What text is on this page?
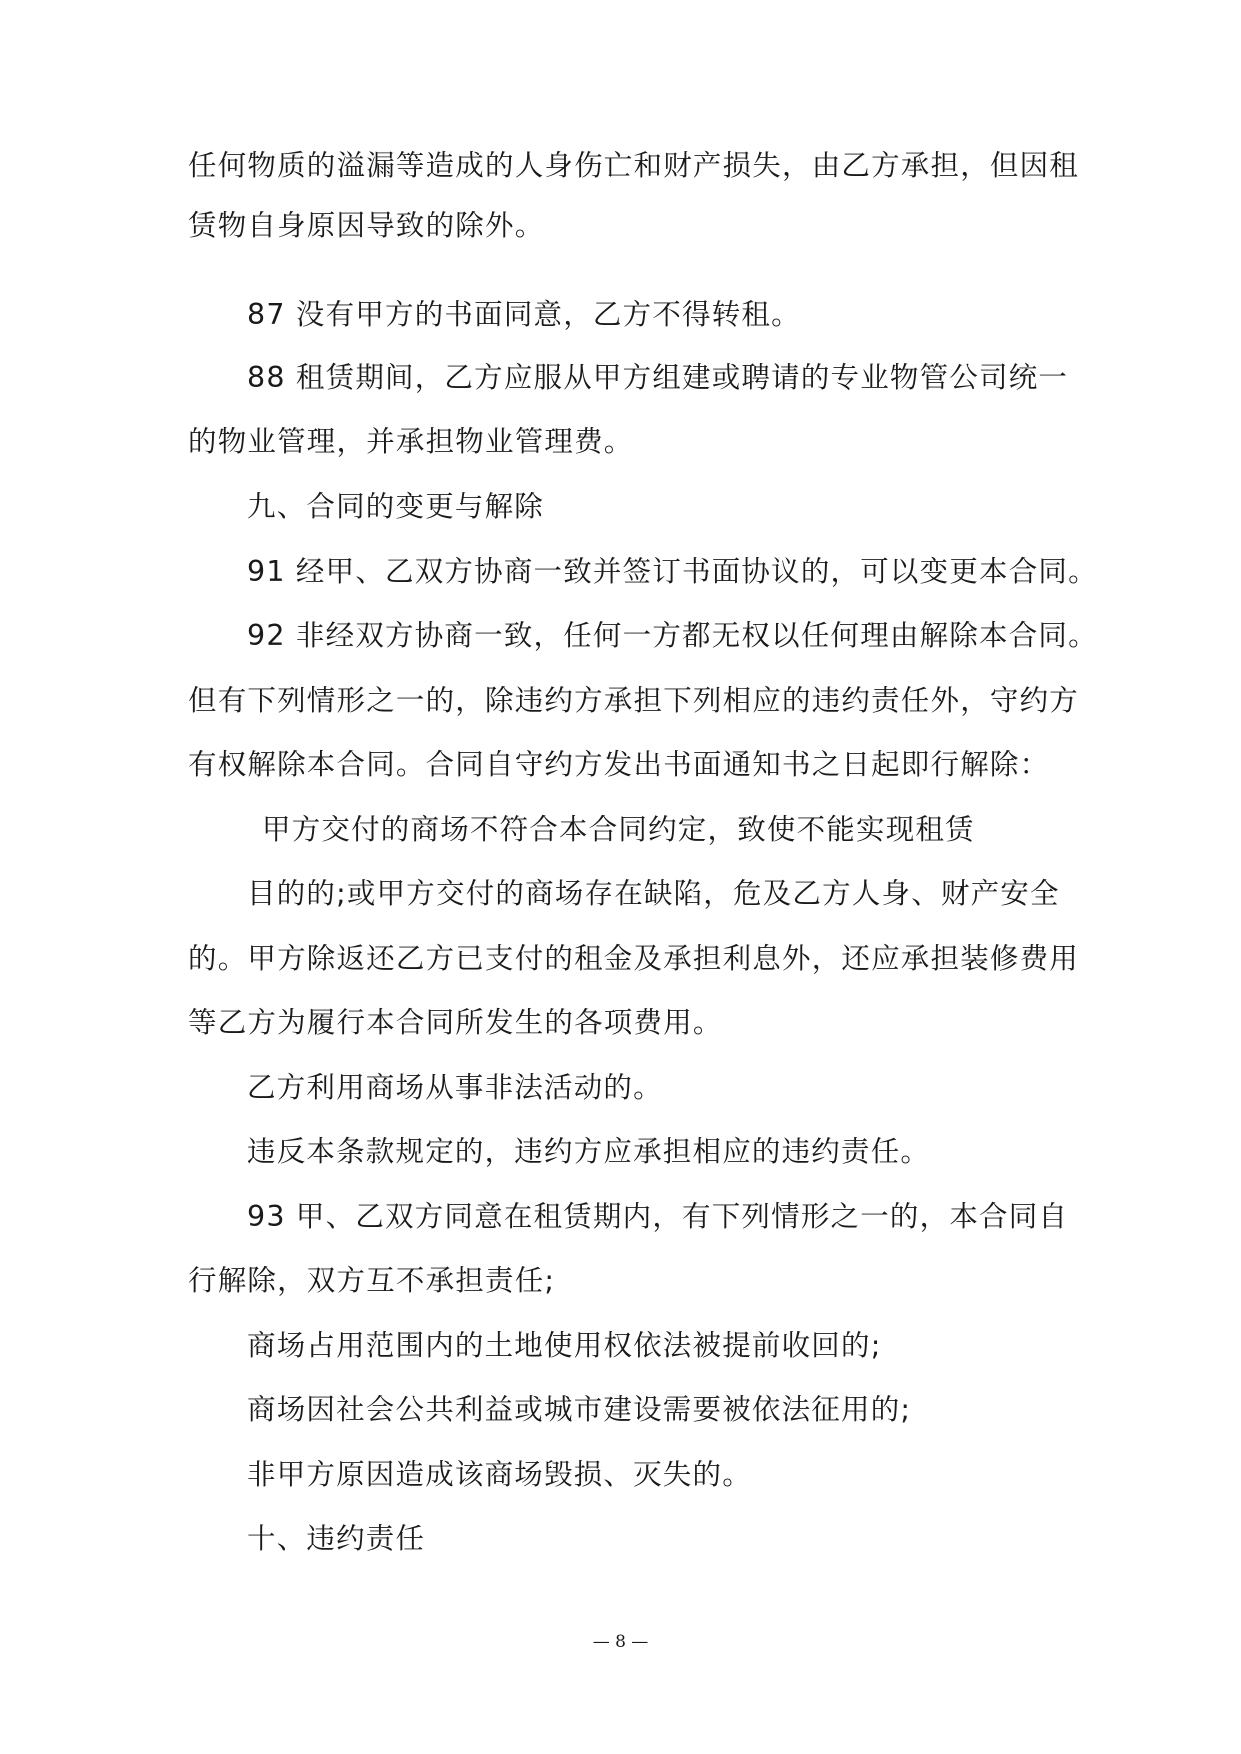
任何物质的溢漏等造成的人身伤亡和财产损失，由乙方承担，但因租
赁物自身原因导致的除外。
87 没有甲方的书面同意，乙方不得转租。
88 租赁期间，乙方应服从甲方组建或聘请的专业物管公司统一
的物业管理，并承担物业管理费。
九、合同的变更与解除
91 经甲、乙双方协商一致并签订书面协议的，可以变更本合同。
92 非经双方协商一致，任何一方都无权以任何理由解除本合同。
但有下列情形之一的，除违约方承担下列相应的违约责任外，守约方
有权解除本合同。合同自守约方发出书面通知书之日起即行解除：
甲方交付的商场不符合本合同约定，致使不能实现租赁
目的的;或甲方交付的商场存在缺陷，危及乙方人身、财产安全
的。甲方除返还乙方已支付的租金及承担利息外，还应承担装修费用
等乙方为履行本合同所发生的各项费用。
乙方利用商场从事非法活动的。
违反本条款规定的，违约方应承担相应的违约责任。
93 甲、乙双方同意在租赁期内，有下列情形之一的，本合同自
行解除，双方互不承担责任;
商场占用范围内的土地使用权依法被提前收回的;
商场因社会公共利益或城市建设需要被依法征用的;
非甲方原因造成该商场毁损、灭失的。
十、违约责任
— 8 —
